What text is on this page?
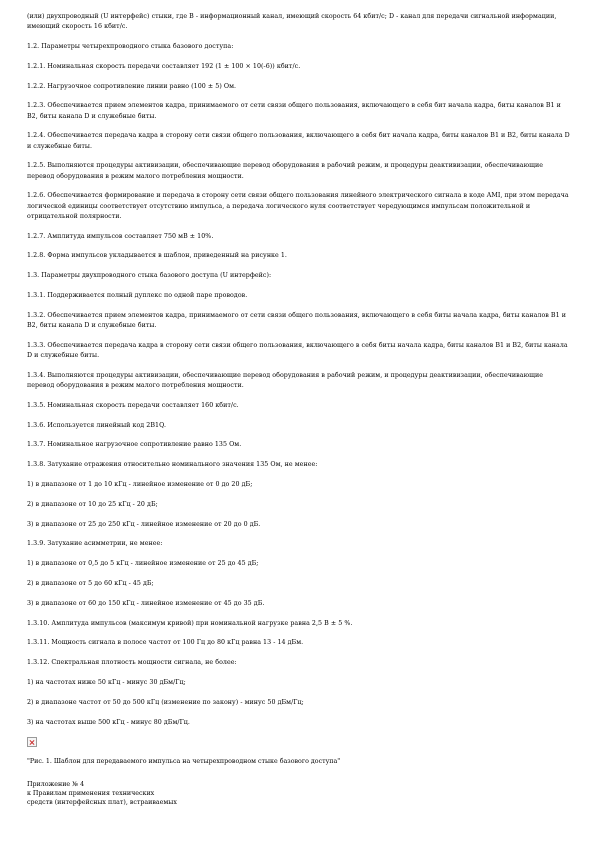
(или) двухпроводный (U интерфейс) стыки, где B - информационный канал, имеющий скорость 64 кбит/с; D - канал для передачи сигнальной информации, имеющий скорость 16 кбит/с.

1.2. Параметры четырехпроводного стыка базового доступа:

1.2.1. Номинальная скорость передачи составляет 192 (1 ± 100 × 10(-6)) кбит/с.

1.2.2. Нагрузочное сопротивление линии равно (100 ± 5) Ом.

1.2.3. Обеспечивается прием элементов кадра, принимаемого от сети связи общего пользования, включающего в себя бит начала кадра, биты каналов B1 и B2, биты канала D и служебные биты.

1.2.4. Обеспечивается передача кадра в сторону сети связи общего пользования, включающего в себя бит начала кадра, биты каналов B1 и B2, биты канала D и служебные биты.

1.2.5. Выполняются процедуры активизации, обеспечивающие перевод оборудования в рабочий режим, и процедуры деактивизации, обеспечивающие перевод оборудования в режим малого потребления мощности.

1.2.6. Обеспечивается формирование и передача в сторону сети связи общего пользования линейного электрического сигнала в коде AMI, при этом передача логической единицы соответствует отсутствию импульса, а передача логического нуля соответствует чередующимся импульсам положительной и отрицательной полярности.

1.2.7. Амплитуда импульсов составляет 750 мВ ± 10%.

1.2.8. Форма импульсов укладывается в шаблон, приведенный на рисунке 1.

1.3. Параметры двухпроводного стыка базового доступа (U интерфейс):

1.3.1. Поддерживается полный дуплекс по одной паре проводов.

1.3.2. Обеспечивается прием элементов кадра, принимаемого от сети связи общего пользования, включающего в себя биты начала кадра, биты каналов B1 и B2, биты канала D и служебные биты.

1.3.3. Обеспечивается передача кадра в сторону сети связи общего пользования, включающего в себя биты начала кадра, биты каналов B1 и B2, биты канала D и служебные биты.

1.3.4. Выполняются процедуры активизации, обеспечивающие перевод оборудования в рабочий режим, и процедуры деактивизации, обеспечивающие перевод оборудования в режим малого потребления мощности.

1.3.5. Номинальная скорость передачи составляет 160 кбит/с.

1.3.6. Используется линейный код 2B1Q.

1.3.7. Номинальное нагрузочное сопротивление равно 135 Ом.

1.3.8. Затухание отражения относительно номинального значения 135 Ом, не менее:

1) в диапазоне от 1 до 10 кГц - линейное изменение от 0 до 20 дБ;

2) в диапазоне от 10 до 25 кГц - 20 дБ;

3) в диапазоне от 25 до 250 кГц - линейное изменение от 20 до 0 дБ.

1.3.9. Затухание асимметрии, не менее:

1) в диапазоне от 0,5 до 5 кГц - линейное изменение от 25 до 45 дБ;

2) в диапазоне от 5 до 60 кГц - 45 дБ;

3) в диапазоне от 60 до 150 кГц - линейное изменение от 45 до 35 дБ.

1.3.10. Амплитуда импульсов (максимум кривой) при номинальной нагрузке равна 2,5 В ± 5 %.

1.3.11. Мощность сигнала в полосе частот от 100 Гц до 80 кГц равна 13 - 14 дБм.

1.3.12. Спектральная плотность мощности сигнала, не более:

1) на частотах ниже 50 кГц - минус 30 дБм/Гц;

2) в диапазоне частот от 50 до 500 кГц (изменение по закону) - минус 50 дБм/Гц;

3) на частотах выше 500 кГц - минус 80 дБм/Гц.

"Рис. 1. Шаблон для передаваемого импульса на четырехпроводном стыке базового доступа"

Приложение № 4

к Правилам применения технических

средств (интерфейсных плат), встраиваемых
